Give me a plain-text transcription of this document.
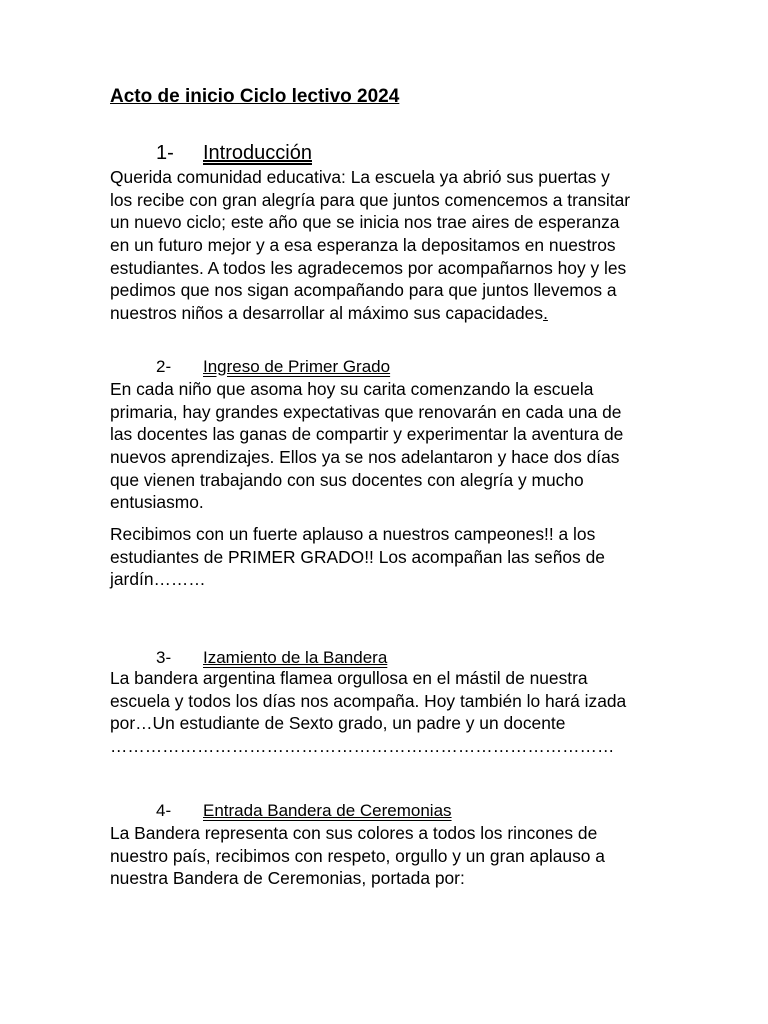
Acto de inicio Ciclo lectivo 2024
1- Introducción
Querida comunidad educativa: La escuela ya abrió sus puertas y
los recibe con gran alegría para que juntos comencemos a transitar
un nuevo ciclo; este año que se inicia nos trae aires de esperanza
en un futuro mejor y a esa esperanza la depositamos en nuestros
estudiantes. A todos les agradecemos por acompañarnos hoy y les
pedimos que nos sigan acompañando para que juntos llevemos a
nuestros niños a desarrollar al máximo sus capacidades.
2- Ingreso de Primer Grado
En cada niño que asoma hoy su carita comenzando la escuela
primaria, hay grandes expectativas que renovarán en cada una de
las docentes las ganas de compartir y experimentar la aventura de
nuevos aprendizajes. Ellos ya se nos adelantaron y hace dos días
que vienen trabajando con sus docentes con alegría y mucho
entusiasmo.
Recibimos con un fuerte aplauso a nuestros campeones!! a los
estudiantes de PRIMER GRADO!! Los acompañan las seños de
jardín………
3- Izamiento de la Bandera
La bandera argentina flamea orgullosa en el mástil de nuestra
escuela y todos los días nos acompaña. Hoy también lo hará izada
por…Un estudiante de Sexto grado, un padre y un docente
……………………………………………………………………………
4- Entrada Bandera de Ceremonias
La Bandera representa con sus colores a todos los rincones de
nuestro país, recibimos con respeto, orgullo y un gran aplauso a
nuestra Bandera de Ceremonias, portada por:
